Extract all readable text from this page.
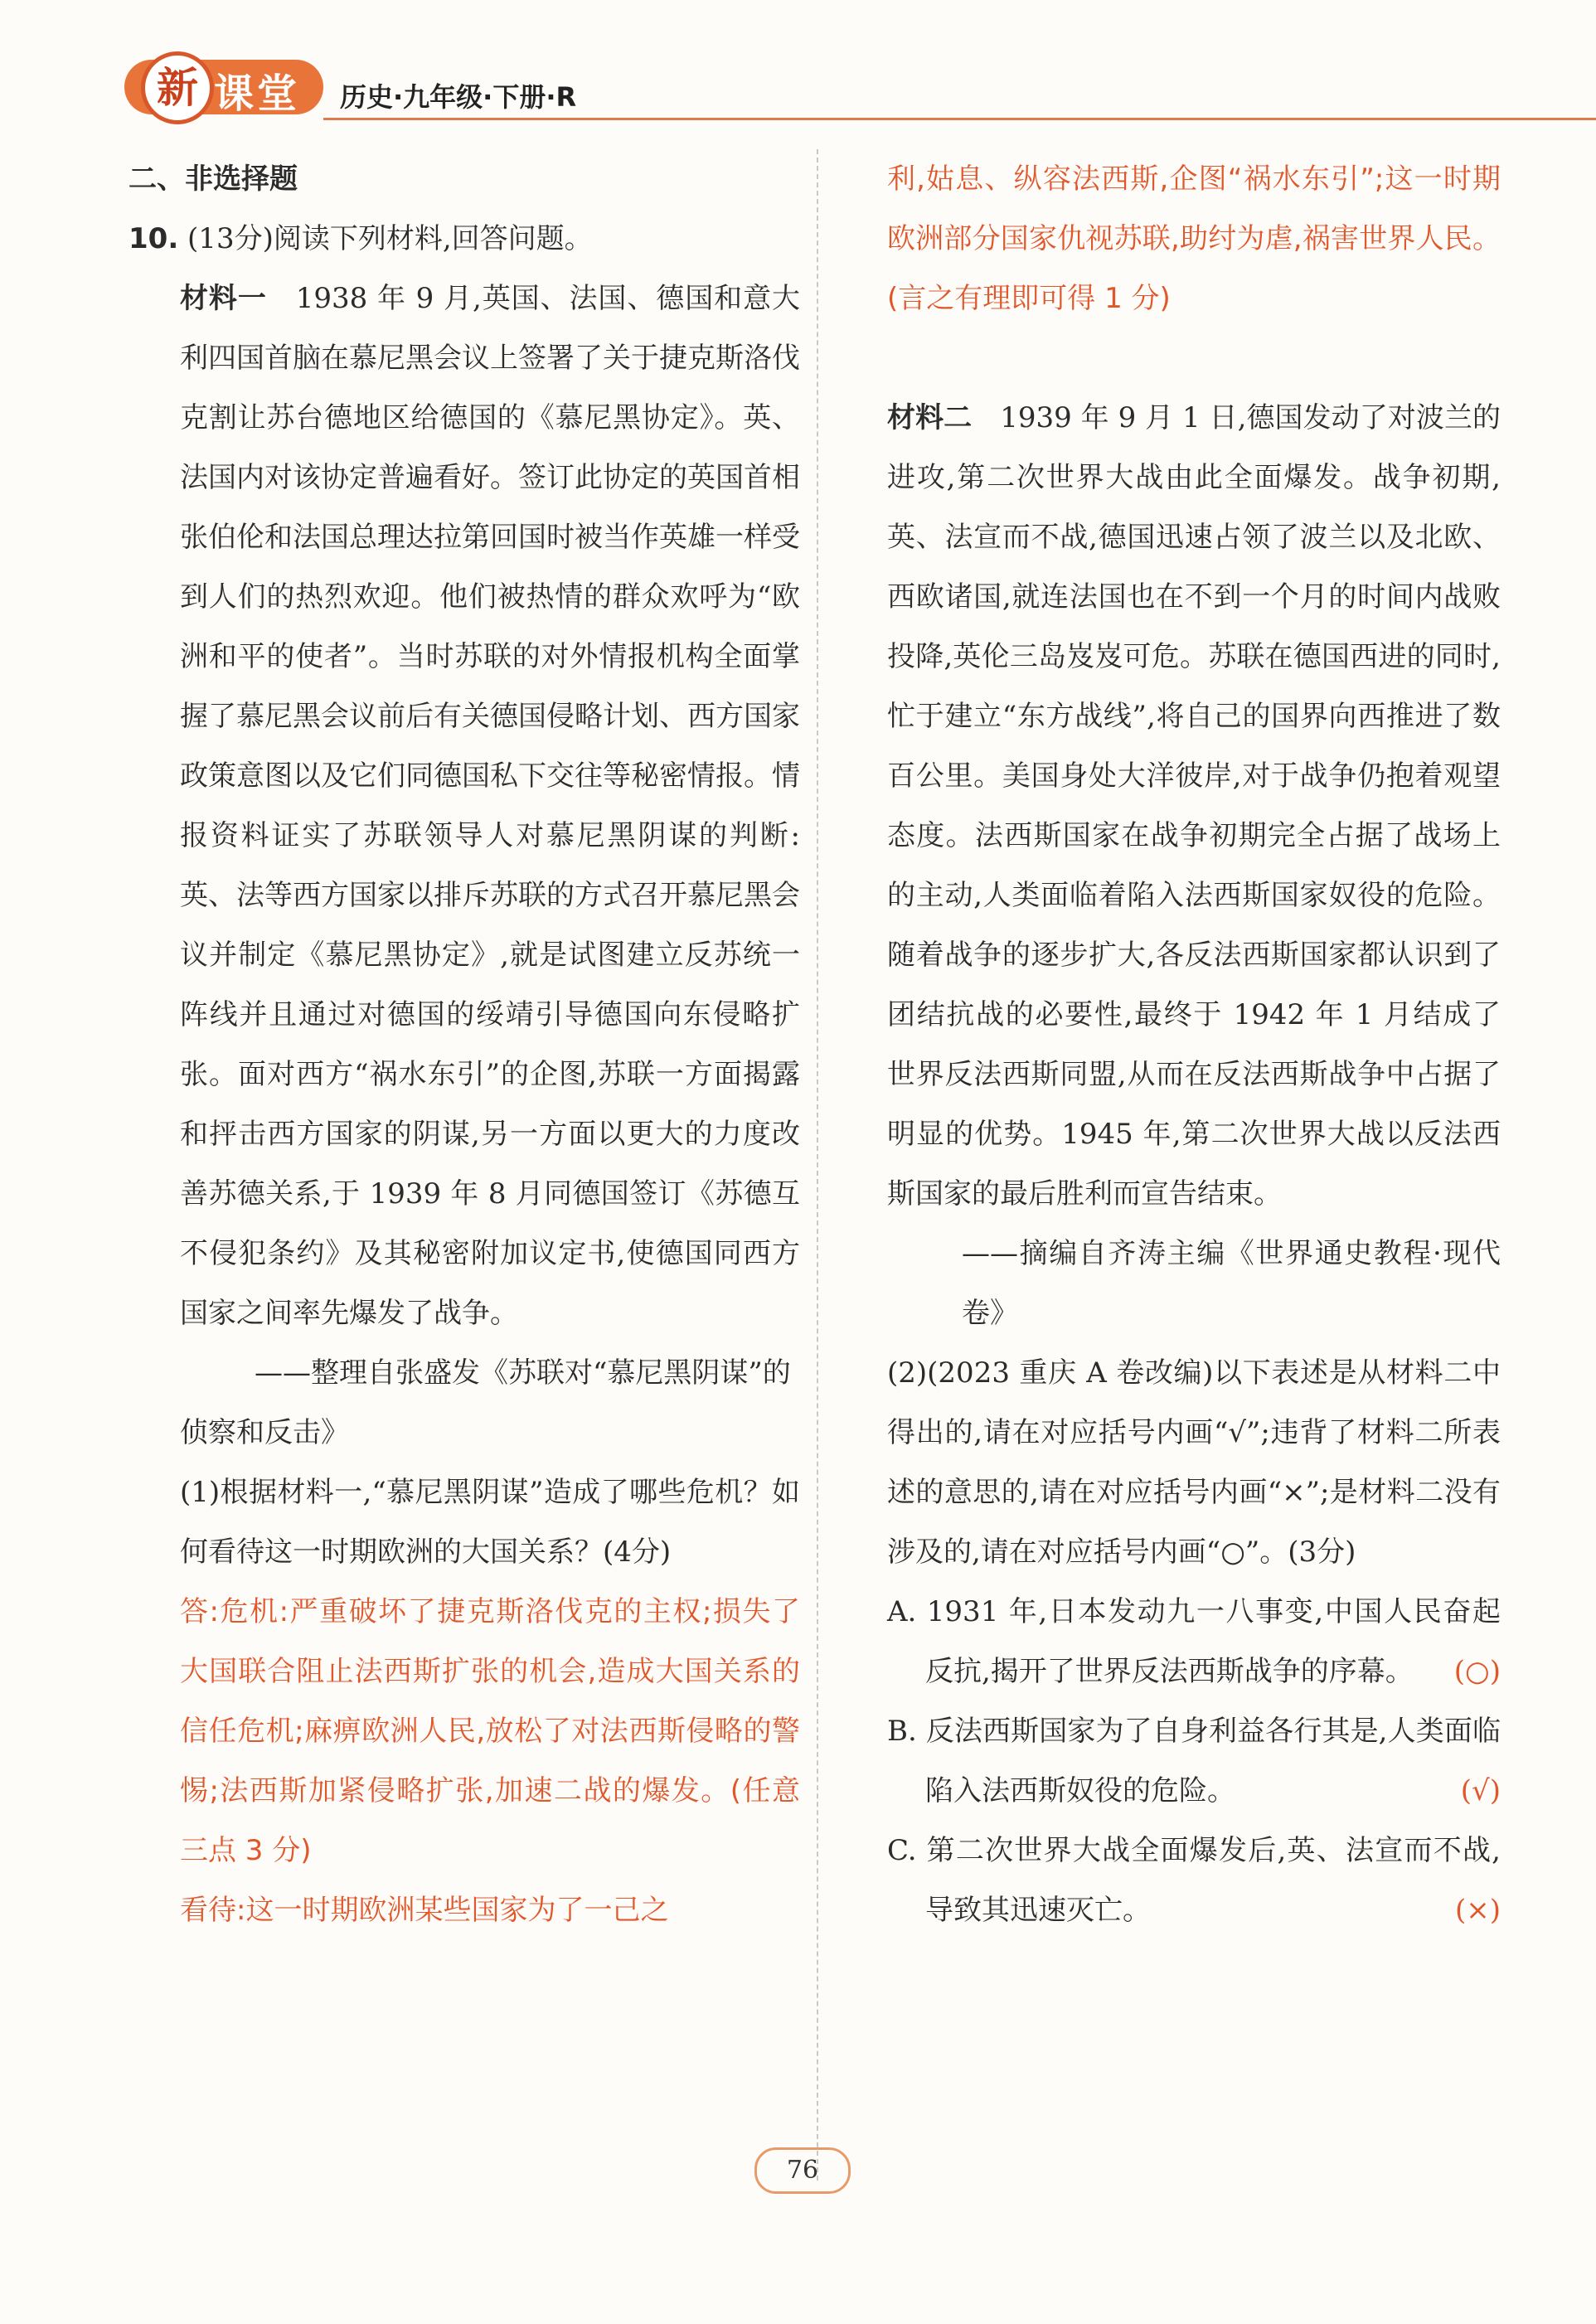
新 课堂 历史·九年级·下册·R

二、非选择题

10. (13分)阅读下列材料,回答问题。

材料一　1938 年 9 月,英国、法国、德国和意大利四国首脑在慕尼黑会议上签署了关于捷克斯洛伐克割让苏台德地区给德国的《慕尼黑协定》。英、法国内对该协定普遍看好。签订此协定的英国首相张伯伦和法国总理达拉第回国时被当作英雄一样受到人们的热烈欢迎。他们被热情的群众欢呼为“欧洲和平的使者”。当时苏联的对外情报机构全面掌握了慕尼黑会议前后有关德国侵略计划、西方国家政策意图以及它们同德国私下交往等秘密情报。情报资料证实了苏联领导人对慕尼黑阴谋的判断:英、法等西方国家以排斥苏联的方式召开慕尼黑会议并制定《慕尼黑协定》,就是试图建立反苏统一阵线并且通过对德国的绥靖引导德国向东侵略扩张。面对西方“祸水东引”的企图,苏联一方面揭露和抨击西方国家的阴谋,另一方面以更大的力度改善苏德关系,于 1939 年 8 月同德国签订《苏德互不侵犯条约》及其秘密附加议定书,使德国同西方国家之间率先爆发了战争。

——整理自张盛发《苏联对“慕尼黑阴谋”的侦察和反击》

(1)根据材料一,“慕尼黑阴谋”造成了哪些危机？如何看待这一时期欧洲的大国关系？(4分)

答:危机:严重破坏了捷克斯洛伐克的主权;损失了大国联合阻止法西斯扩张的机会,造成大国关系的信任危机;麻痹欧洲人民,放松了对法西斯侵略的警惕;法西斯加紧侵略扩张,加速二战的爆发。(任意三点 3 分)

看待:这一时期欧洲某些国家为了一己之

利,姑息、纵容法西斯,企图“祸水东引”;这一时期欧洲部分国家仇视苏联,助纣为虐,祸害世界人民。(言之有理即可得 1 分)

材料二　1939 年 9 月 1 日,德国发动了对波兰的进攻,第二次世界大战由此全面爆发。战争初期,英、法宣而不战,德国迅速占领了波兰以及北欧、西欧诸国,就连法国也在不到一个月的时间内战败投降,英伦三岛岌岌可危。苏联在德国西进的同时,忙于建立“东方战线”,将自己的国界向西推进了数百公里。美国身处大洋彼岸,对于战争仍抱着观望态度。法西斯国家在战争初期完全占据了战场上的主动,人类面临着陷入法西斯国家奴役的危险。随着战争的逐步扩大,各反法西斯国家都认识到了团结抗战的必要性,最终于 1942 年 1 月结成了世界反法西斯同盟,从而在反法西斯战争中占据了明显的优势。1945 年,第二次世界大战以反法西斯国家的最后胜利而宣告结束。

——摘编自齐涛主编《世界通史教程·现代卷》

(2)(2023 重庆 A 卷改编)以下表述是从材料二中得出的,请在对应括号内画“√”;违背了材料二所表述的意思的,请在对应括号内画“×”;是材料二没有涉及的,请在对应括号内画“○”。(3分)

A. 1931 年,日本发动九一八事变,中国人民奋起反抗,揭开了世界反法西斯战争的序幕。 (○)

B. 反法西斯国家为了自身利益各行其是,人类面临陷入法西斯奴役的危险。	(√)

C. 第二次世界大战全面爆发后,英、法宣而不战,导致其迅速灭亡。	(×)

76
